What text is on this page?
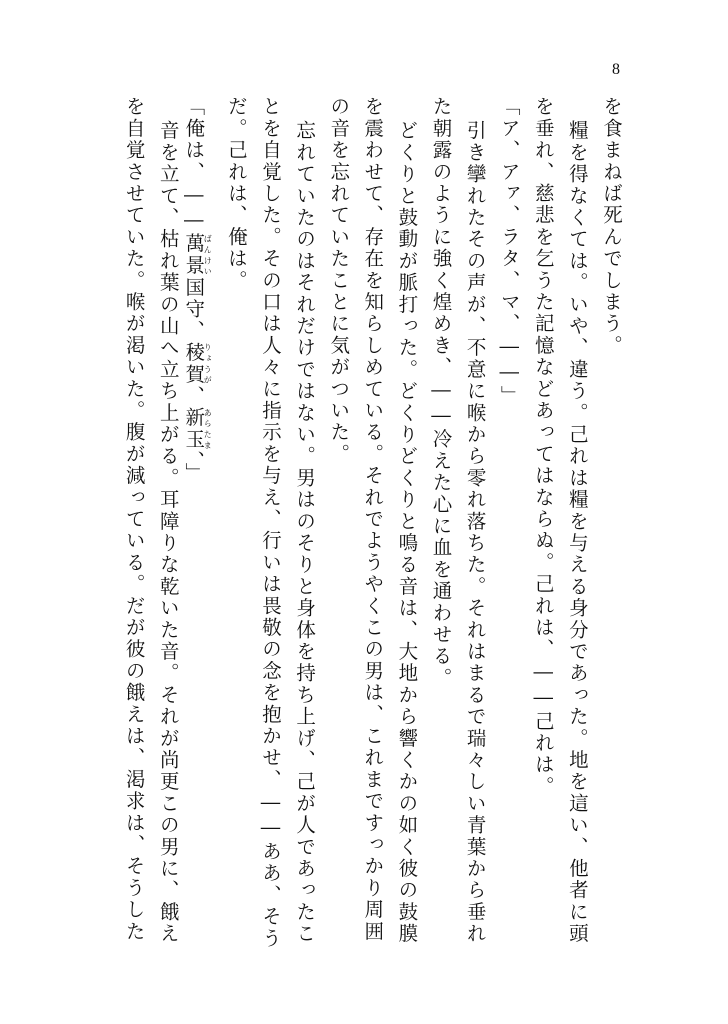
8
を食まねば死んでしまう。
糧を得なくては。いや、違う。己れは糧を与える身分であった。地を這い、他者に頭
を垂れ、慈悲を乞うた記憶などあってはならぬ。己れは、――己れは。
「ア、アァ、ラタ、マ、――」
引き攣れたその声が、不意に喉から零れ落ちた。それはまるで瑞々しい青葉から垂れ
た朝露のように強く煌めき、――冷えた心に血を通わせる。
どくりと鼓動が脈打った。どくりどくりと鳴る音は、大地から響くかの如く彼の鼓膜
を震わせて、存在を知らしめている。それでようやくこの男は、これまですっかり周囲
の音を忘れていたことに気がついた。
忘れていたのはそれだけではない。男はのそりと身体を持ち上げ、己が人であったこ
とを自覚した。その口は人々に指示を与え、行いは畏敬の念を抱かせ、――ああ、そう
だ。己れは、俺は。
「俺は、――萬景ばんけい国守、稜賀りょうが、新玉あらたま、」
音を立て、枯れ葉の山へ立ち上がる。耳障りな乾いた音。それが尚更この男に、餓え
を自覚させていた。喉が渇いた。腹が減っている。だが彼の餓えは、渇求は、そうした
